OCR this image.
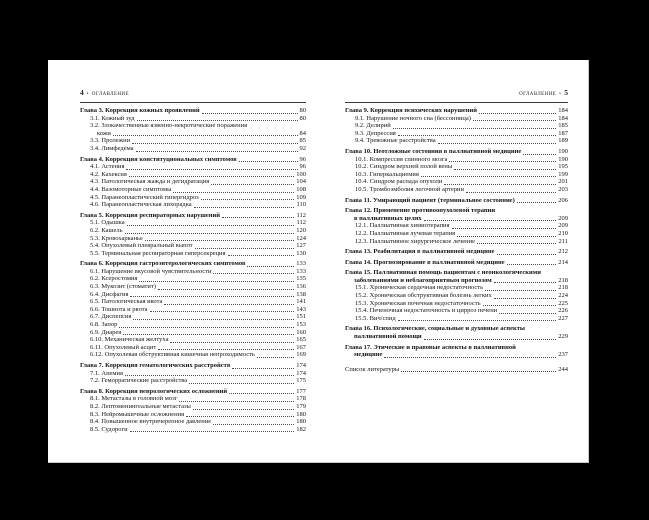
4 • ОГЛАВЛЕНИЕ
Глава 3. Коррекция кожных проявлений	80
3.1. Кожный зуд	80
3.2. Злокачественные язвенно-некротические поражения
кожи	84
3.3. Пролежни	85
3.4. Лимфедема	92
Глава 4. Коррекция конституциональных симптомов	96
4.1. Астения	96
4.2. Кахексия	100
4.3. Патологическая жажда и дегидратация	104
4.4. Вазомоторные симптомы	108
4.5. Паранеопластический гипергидроз	109
4.6. Паранеопластическая лихорадка	110
Глава 5. Коррекция респираторных нарушений	112
5.1. Одышка	112
6.2. Кашель	120
5.3. Кровохарканье	124
5.4. Опухолевый плевральный выпот	127
5.5. Терминальная респираторная гиперсекреция	130
Глава 6. Коррекция гастроэнтерологических симптомов	133
6.1. Нарушение вкусовой чувствительности	133
6.2. Ксеростомия	135
6.3. Мукозит (стоматит)	136
6.4. Дисфагия	138
6.5. Патологическая икота	141
6.6. Тошнота и рвота	143
6.7. Диспепсия	151
6.8. Запор	153
6.9. Диарея	160
6.10. Механическая желтуха	165
6.11. Опухолевый асцит	167
6.12. Опухолевая обструктивная кишечная непроходимость	169
Глава 7. Коррекция гематологических расстройств	174
7.1. Анемия	174
7.2. Геморрагические расстройства	175
Глава 8. Коррекция неврологических осложнений	177
8.1. Метастазы в головной мозг	178
8.2. Лептоменингеальные метастазы	179
8.3. Нейромышечные осложнения	180
8.4. Повышенное внутричерепное давление	180
8.5. Судороги	182
ОГЛАВЛЕНИЕ • 5
Глава 9. Коррекция психических нарушений	184
9.1. Нарушение ночного сна (бессонница)	184
9.2. Делирий	185
9.3. Депрессия	187
9.4. Тревожные расстройства	189
Глава 10. Неотложные состояния в паллиативной медицине	190
10.1. Компрессия спинного мозга	190
10.2. Синдром верхней полой вены	195
10.3. Гиперкальциемия	199
10.4. Синдром распада опухоли	201
10.5. Тромбоэмболия легочной артерии	203
Глава 11. Умирающий пациент (терминальное состояние)	206
Глава 12. Применение противоопухолевой терапии
в паллиативных целях	209
12.1. Паллиативная химиотерапия	209
12.2. Паллиативная лучевая терапия	210
12.3. Паллиативное хирургическое лечение	211
Глава 13. Реабилитация в паллиативной медицине	212
Глава 14. Прогнозирование в паллиативной медицине	214
Глава 15. Паллиативная помощь пациентам с неонкологическими
заболеваниями и неблагоприятным прогнозом	218
15.1. Хроническая сердечная недостаточность	218
15.2. Хроническая обструктивная болезнь легких	224
15.3. Хроническая почечная недостаточность	225
15.4. Печеночная недостаточность и цирроз печени	226
15.5. Вич/спид	227
Глава 16. Психологические, социальные и духовные аспекты
паллиативной помощи	229
Глава 17. Этические и правовые аспекты в паллиативной
медицине	237
Список литературы	244
